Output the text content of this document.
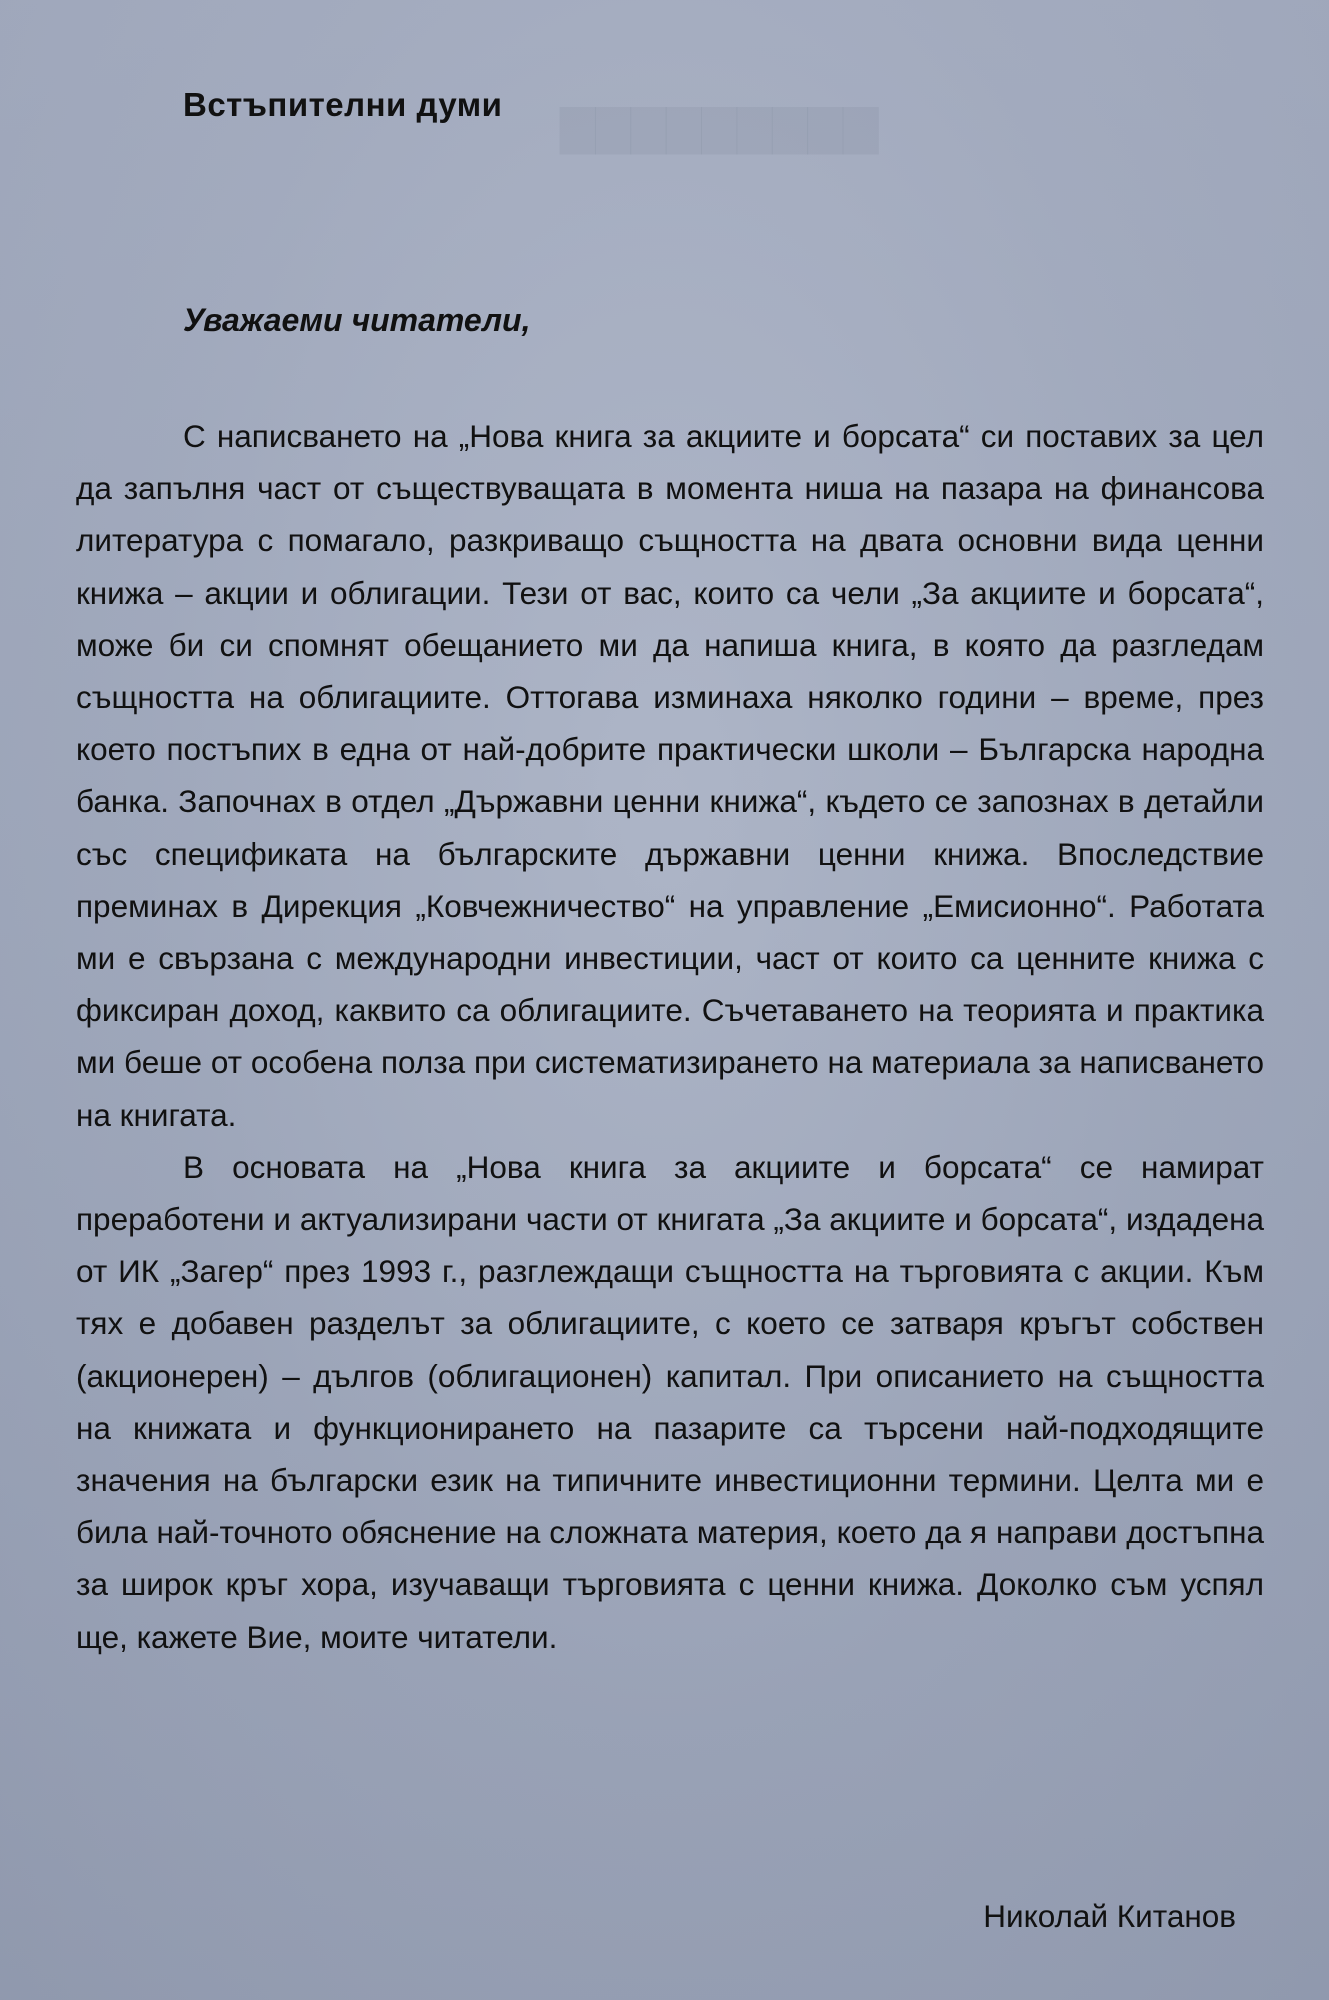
▇▇▇▇▇▇▇▇▇
Встъпителни думи
Уважаеми читатели,

С написването на „Нова книга за акциите и борсата“ си поставих за цел да запълня част от съществуващата в момента ниша на пазара на финансова литература с помагало, разкриващо същността на двата основни вида ценни книжа – акции и облигации. Тези от вас, които са чели „За акциите и борсата“, може би си спомнят обещанието ми да напиша книга, в която да разгледам същността на облигациите. Оттогава изминаха няколко години – време, през което постъпих в една от най-добрите практически школи – Българска народна банка. Започнах в отдел „Държавни ценни книжа“, където се запознах в детайли със спецификата на българските държавни ценни книжа. Впоследствие преминах в Дирекция „Ковчежничество“ на управление „Емисионно“. Работата ми е свързана с международни инвестиции, част от които са ценните книжа с фиксиран доход, каквито са облигациите. Съчетаването на теорията и практика ми беше от особена полза при систематизирането на материала за написването на книгата.

В основата на „Нова книга за акциите и борсата“ се намират преработени и актуализирани части от книгата „За акциите и борсата“, издадена от ИК „Загер“ през 1993 г., разглеждащи същността на търговията с акции. Към тях е добавен разделът за облигациите, с което се затваря кръгът собствен (акционерен) – дългов (облигационен) капитал. При описанието на същността на книжата и функционирането на пазарите са търсени най-подходящите значения на български език на типичните инвестиционни термини. Целта ми е била най-точното обяснение на сложната материя, което да я направи достъпна за широк кръг хора, изучаващи търговията с ценни книжа. Доколко съм успял ще, кажете Вие, моите читатели.

Николай Китанов
